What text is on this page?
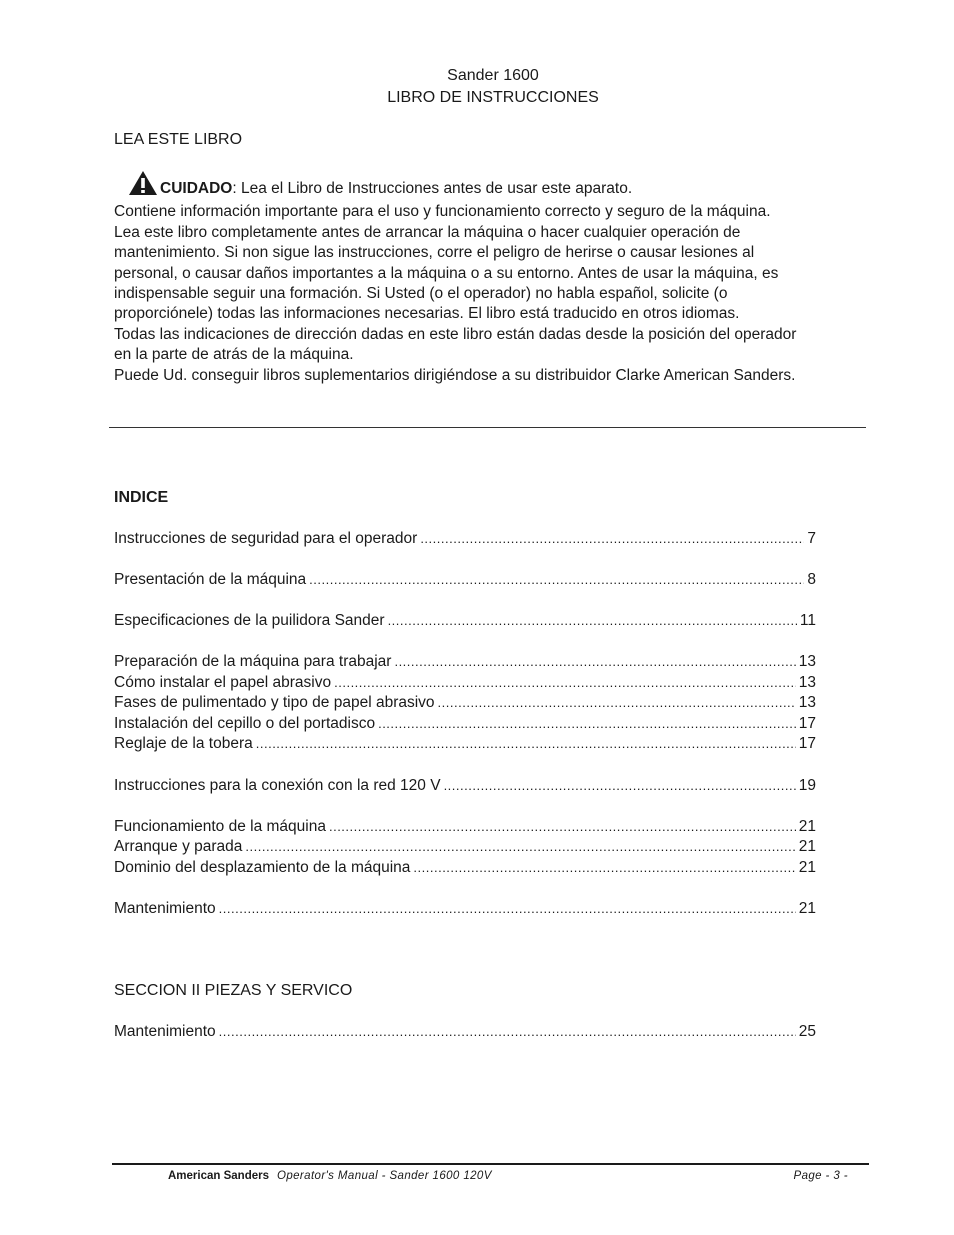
Sander 1600
LIBRO DE INSTRUCCIONES
LEA ESTE LIBRO

CUIDADO: Lea el Libro de Instrucciones antes de usar este aparato.

Contiene información importante para el uso y funcionamiento correcto y seguro de la máquina.

Lea este libro completamente antes de arrancar la máquina o hacer cualquier operación de

mantenimiento. Si non sigue las instrucciones, corre el peligro de herirse o causar lesiones al

personal, o causar daños importantes a la máquina o a su entorno. Antes de usar la máquina, es

indispensable seguir una formación. Si Usted (o el operador) no habla español, solicite (o

proporciónele) todas las informaciones necesarias. El libro está traducido en otros idiomas.

Todas las indicaciones de dirección dadas en este libro están dadas desde la posición del operador

en la parte de atrás de la máquina.

Puede Ud. conseguir libros suplementarios dirigiéndose a su distribuidor Clarke American Sanders.

INDICE
Instrucciones de seguridad para el operador .....	7
Presentación de la máquina .....	8
Especificaciones de la puilidora Sander .....	11
Preparación de la máquina para trabajar .....	13
Cómo instalar el papel abrasivo .....	13
Fases de pulimentado y tipo de papel abrasivo .....	13
Instalación del cepillo o del portadisco .....	17
Reglaje de la tobera .....	17
Instrucciones para la conexión con la red 120 V .....	19
Funcionamiento de la máquina .....	21
Arranque y parada .....	21
Dominio del desplazamiento de la máquina .....	21
Mantenimiento .....	21
SECCION II PIEZAS Y SERVICO
Mantenimiento .....	25
American Sanders Operator's Manual - Sander 1600 120V	Page - 3 -
